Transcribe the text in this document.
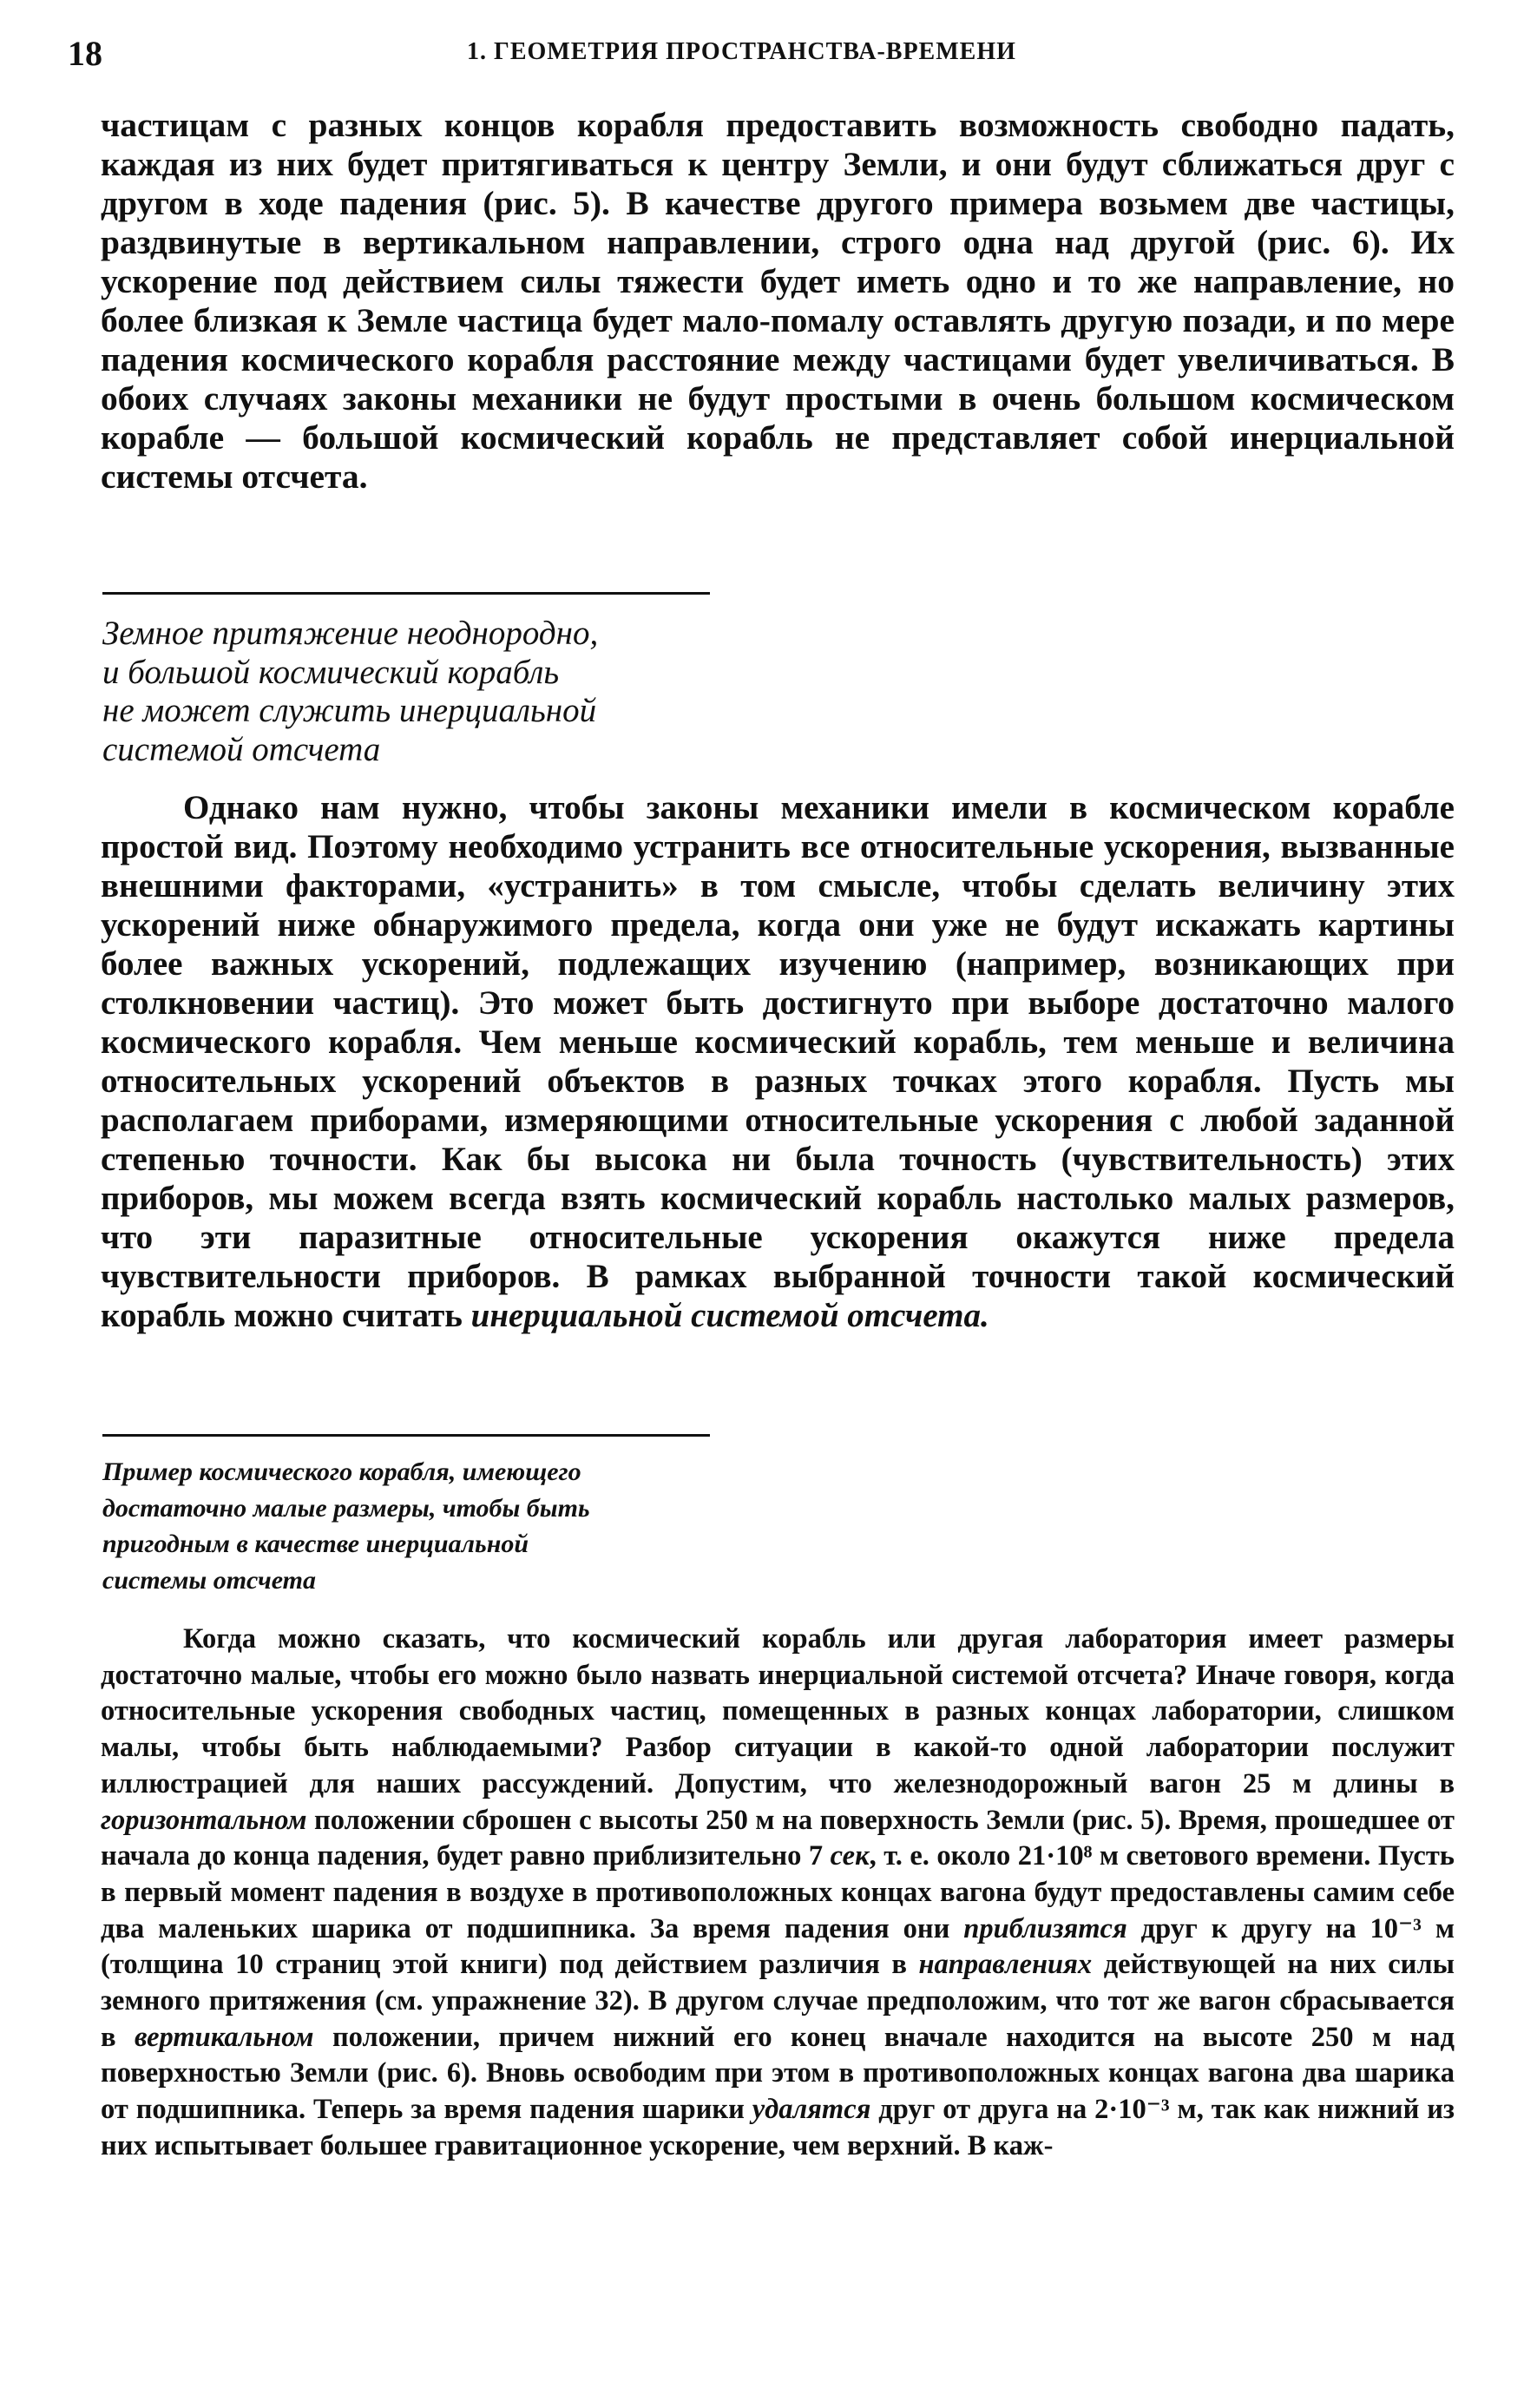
18	1. ГЕОМЕТРИЯ ПРОСТРАНСТВА-ВРЕМЕНИ

частицам с разных концов корабля предоставить возможность свободно падать, каждая из них будет притягиваться к центру Земли, и они будут сближаться друг с другом в ходе падения (рис. 5). В качестве другого примера возьмем две частицы, раздвинутые в вертикальном направлении, строго одна над другой (рис. 6). Их ускорение под действием силы тяжести будет иметь одно и то же направление, но более близкая к Земле частица будет мало-помалу оставлять другую позади, и по мере падения космического корабля расстояние между частицами будет увеличиваться. В обоих случаях законы механики не будут простыми в очень большом космическом корабле — большой космический корабль не представляет собой инерциальной системы отсчета.

Земное притяжение неоднородно,
и большой космический корабль
не может служить инерциальной
системой отсчета

Однако нам нужно, чтобы законы механики имели в космическом корабле простой вид. Поэтому необходимо устранить все относительные ускорения, вызванные внешними факторами, «устранить» в том смысле, чтобы сделать величину этих ускорений ниже обнаружимого предела, когда они уже не будут искажать картины более важных ускорений, подлежащих изучению (например, возникающих при столкновении частиц). Это может быть достигнуто при выборе достаточно малого космического корабля. Чем меньше космический корабль, тем меньше и величина относительных ускорений объектов в разных точках этого корабля. Пусть мы располагаем приборами, измеряющими относительные ускорения с любой заданной степенью точности. Как бы высока ни была точность (чувствительность) этих приборов, мы можем всегда взять космический корабль настолько малых размеров, что эти паразитные относительные ускорения окажутся ниже предела чувствительности приборов. В рамках выбранной точности такой космический корабль можно считать инерциальной системой отсчета.

Пример космического корабля, имеющего
достаточно малые размеры, чтобы быть
пригодным в качестве инерциальной
системы отсчета

Когда можно сказать, что космический корабль или другая лаборатория имеет размеры достаточно малые, чтобы его можно было назвать инерциальной системой отсчета? Иначе говоря, когда относительные ускорения свободных частиц, помещенных в разных концах лаборатории, слишком малы, чтобы быть наблюдаемыми? Разбор ситуации в какой-то одной лаборатории послужит иллюстрацией для наших рассуждений. Допустим, что железнодорожный вагон 25 м длины в горизонтальном положении сброшен с высоты 250 м на поверхность Земли (рис. 5). Время, прошедшее от начала до конца падения, будет равно приблизительно 7 сек, т. е. около 21·10⁸ м светового времени. Пусть в первый момент падения в воздухе в противоположных концах вагона будут предоставлены самим себе два маленьких шарика от подшипника. За время падения они приблизятся друг к другу на 10⁻³ м (толщина 10 страниц этой книги) под действием различия в направлениях действующей на них силы земного притяжения (см. упражнение 32). В другом случае предположим, что тот же вагон сбрасывается в вертикальном положении, причем нижний его конец вначале находится на высоте 250 м над поверхностью Земли (рис. 6). Вновь освободим при этом в противоположных концах вагона два шарика от подшипника. Теперь за время падения шарики удалятся друг от друга на 2·10⁻³ м, так как нижний из них испытывает большее гравитационное ускорение, чем верхний. В каж-
